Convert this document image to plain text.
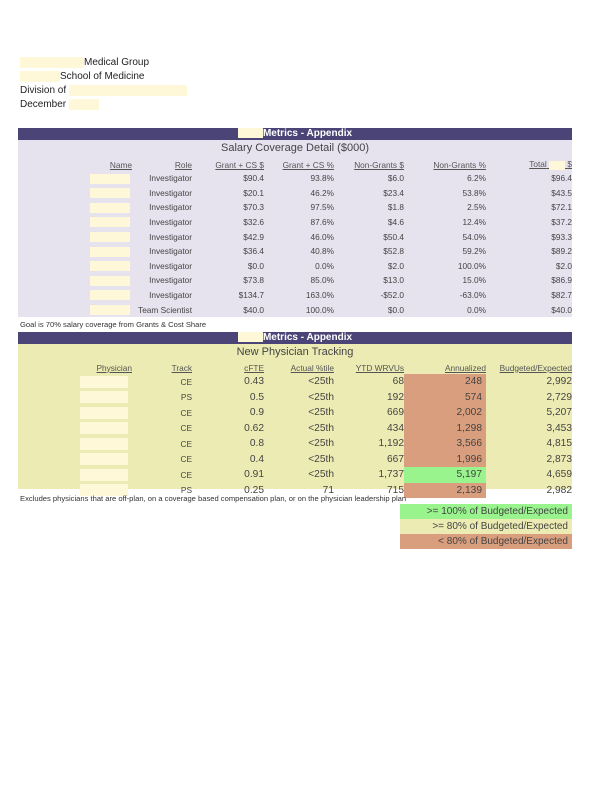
Medical Group
School of Medicine
Division of
December
Metrics - Appendix
Salary Coverage Detail ($000)
Name	Role	Grant + CS $	Grant + CS %	Non-Grants $	Non-Grants %	Total $
	Investigator	$90.4	93.8%	$6.0	6.2%	$96.4
	Investigator	$20.1	46.2%	$23.4	53.8%	$43.5
	Investigator	$70.3	97.5%	$1.8	2.5%	$72.1
	Investigator	$32.6	87.6%	$4.6	12.4%	$37.2
	Investigator	$42.9	46.0%	$50.4	54.0%	$93.3
	Investigator	$36.4	40.8%	$52.8	59.2%	$89.2
	Investigator	$0.0	0.0%	$2.0	100.0%	$2.0
	Investigator	$73.8	85.0%	$13.0	15.0%	$86.9
	Investigator	$134.7	163.0%	-$52.0	-63.0%	$82.7
	Team Scientist	$40.0	100.0%	$0.0	0.0%	$40.0
Goal is 70% salary coverage from Grants & Cost Share
Metrics - Appendix
New Physician Tracking
Physician	Track	cFTE	Actual %tile	YTD WRVUs	Annualized	Budgeted/Expected
	CE	0.43	<25th	68	248	2,992
	PS	0.5	<25th	192	574	2,729
	CE	0.9	<25th	669	2,002	5,207
	CE	0.62	<25th	434	1,298	3,453
	CE	0.8	<25th	1,192	3,566	4,815
	CE	0.4	<25th	667	1,996	2,873
	CE	0.91	<25th	1,737	5,197	4,659
	PS	0.25	71	715	2,139	2,982
Excludes physicians that are off-plan, on a coverage based compensation plan, or on the physician leadership plan
>= 100% of Budgeted/Expected
>= 80% of Budgeted/Expected
< 80% of Budgeted/Expected
